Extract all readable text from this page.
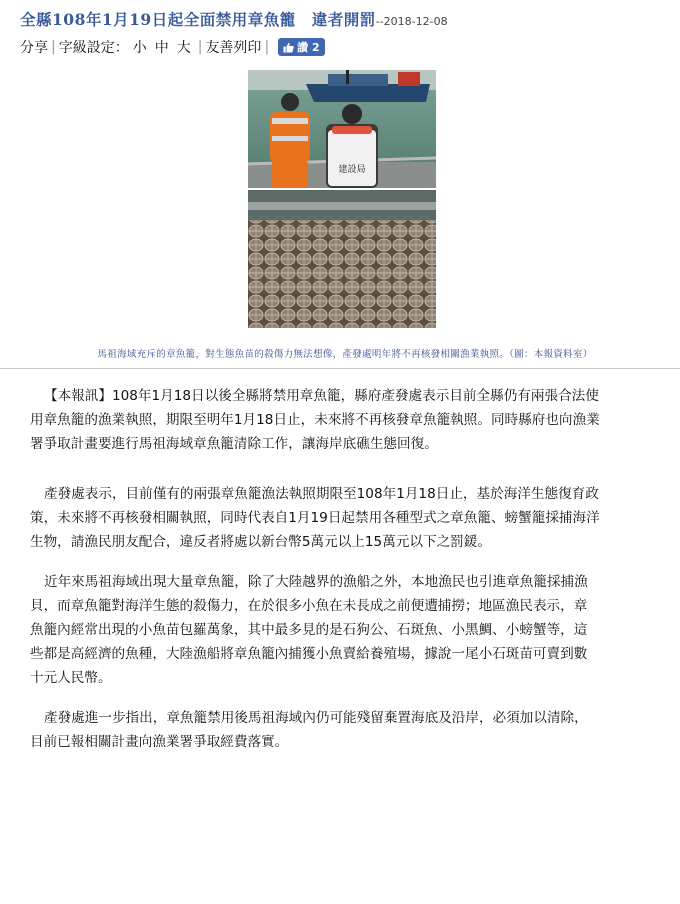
全縣108年1月19日起全面禁用章魚籠　違者開罰--2018-12-08
分享 | 字級設定： 小 中 大 | 友善列印 |	讚 2
建設局
馬祖海域充斥的章魚籠，對生態魚苗的殺傷力無法想像，產發處明年將不再核發相關漁業執照。（圖：本報資料室）
【本報訊】108年1月18日以後全縣將禁用章魚籠，縣府產發處表示目前全縣仍有兩張合法使
用章魚籠的漁業執照，期限至明年1月18日止，未來將不再核發章魚籠執照。同時縣府也向漁業
署爭取計畫要進行馬祖海域章魚籠清除工作，讓海岸底礁生態回復。
產發處表示，目前僅有的兩張章魚籠漁法執照期限至108年1月18日止，基於海洋生態復育政
策，未來將不再核發相關執照，同時代表自1月19日起禁用各種型式之章魚籠、螃蟹籠採捕海洋
生物，請漁民朋友配合，違反者將處以新台幣5萬元以上15萬元以下之罰鍰。
近年來馬祖海域出現大量章魚籠，除了大陸越界的漁船之外，本地漁民也引進章魚籠採捕漁
貝，而章魚籠對海洋生態的殺傷力，在於很多小魚在未長成之前便遭捕撈；地區漁民表示，章
魚籠內經常出現的小魚苗包羅萬象，其中最多見的是石狗公、石斑魚、小黑鯛、小螃蟹等，這
些都是高經濟的魚種，大陸漁船將章魚籠內捕獲小魚賣給養殖場，據說一尾小石斑苗可賣到數
十元人民幣。
產發處進一步指出，章魚籠禁用後馬祖海域內仍可能殘留棄置海底及沿岸，必須加以清除，
目前已報相關計畫向漁業署爭取經費落實。
